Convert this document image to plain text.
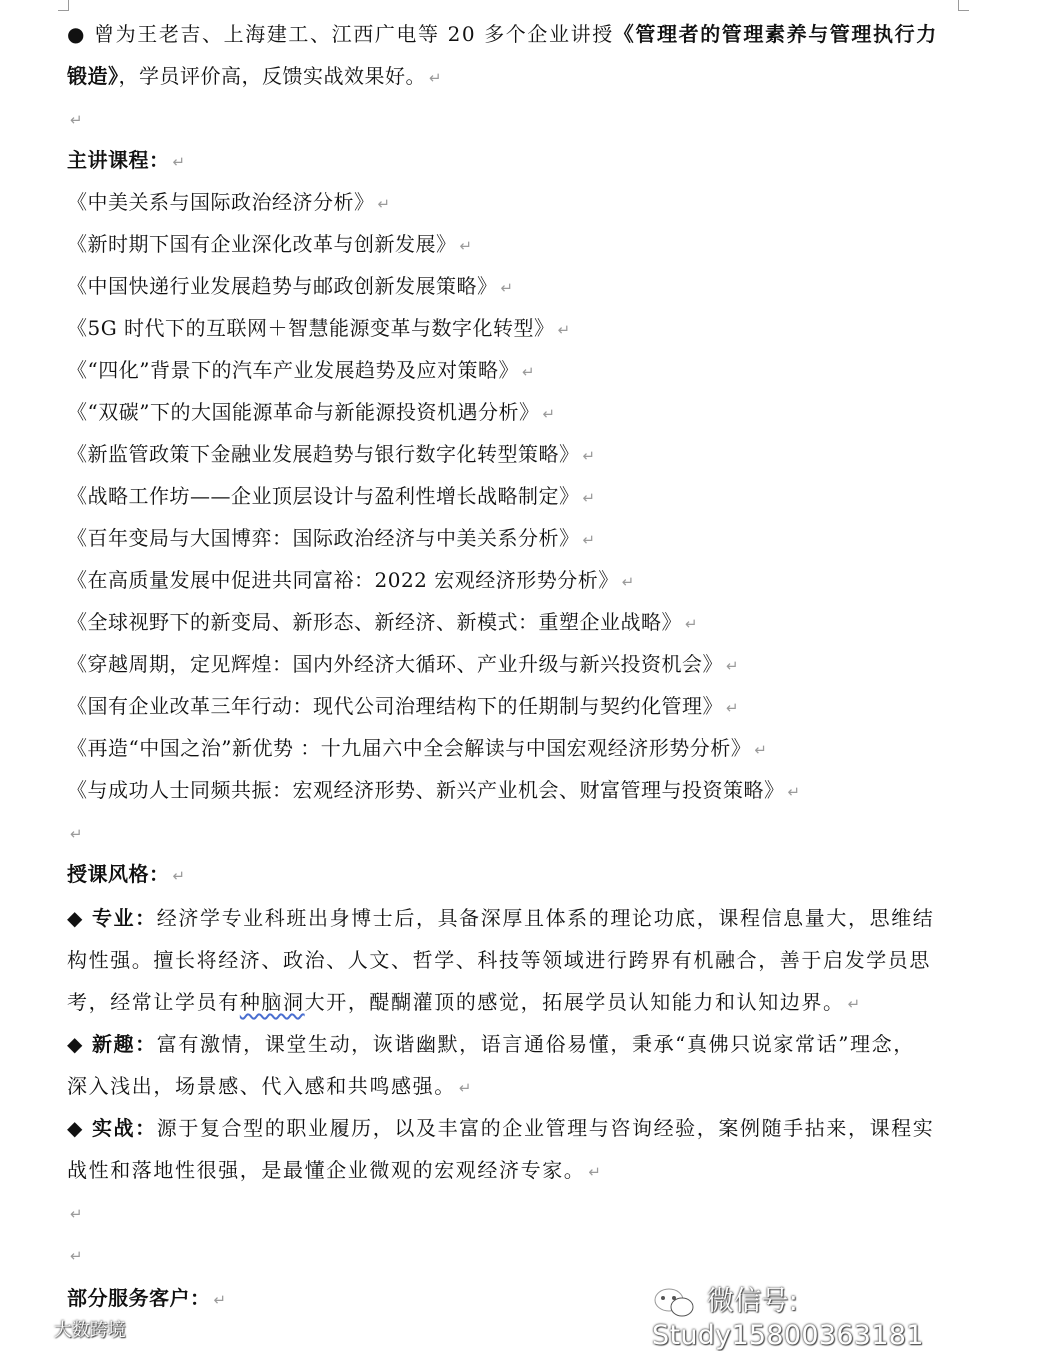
● 曾为王老吉、上海建工、江西广电等 20 多个企业讲授《管理者的管理素养与管理执行力
锻造》，学员评价高，反馈实战效果好。 ↵
↵
主讲课程： ↵
《中美关系与国际政治经济分析》 ↵
《新时期下国有企业深化改革与创新发展》 ↵
《中国快递行业发展趋势与邮政创新发展策略》 ↵
《5G 时代下的互联网＋智慧能源变革与数字化转型》 ↵
《“四化”背景下的汽车产业发展趋势及应对策略》 ↵
《“双碳”下的大国能源革命与新能源投资机遇分析》 ↵
《新监管政策下金融业发展趋势与银行数字化转型策略》 ↵
《战略工作坊——企业顶层设计与盈利性增长战略制定》 ↵
《百年变局与大国博弈：国际政治经济与中美关系分析》 ↵
《在高质量发展中促进共同富裕：2022 宏观经济形势分析》 ↵
《全球视野下的新变局、新形态、新经济、新模式：重塑企业战略》 ↵
《穿越周期，定见辉煌：国内外经济大循环、产业升级与新兴投资机会》 ↵
《国有企业改革三年行动：现代公司治理结构下的任期制与契约化管理》 ↵
《再造“中国之治”新优势 ：十九届六中全会解读与中国宏观经济形势分析》 ↵
《与成功人士同频共振：宏观经济形势、新兴产业机会、财富管理与投资策略》 ↵
↵
授课风格： ↵
◆ 专业：经济学专业科班出身博士后，具备深厚且体系的理论功底，课程信息量大，思维结
构性强。擅长将经济、政治、人文、哲学、科技等领域进行跨界有机融合，善于启发学员思
考，经常让学员有种脑洞大开，醍醐灌顶的感觉，拓展学员认知能力和认知边界。 ↵
◆ 新趣：富有激情，课堂生动，诙谐幽默，语言通俗易懂，秉承“真佛只说家常话”理念，
深入浅出，场景感、代入感和共鸣感强。 ↵
◆ 实战：源于复合型的职业履历，以及丰富的企业管理与咨询经验，案例随手拈来，课程实
战性和落地性很强，是最懂企业微观的宏观经济专家。 ↵
↵
↵
部分服务客户： ↵	微信号: Study15800363181
大数跨境
